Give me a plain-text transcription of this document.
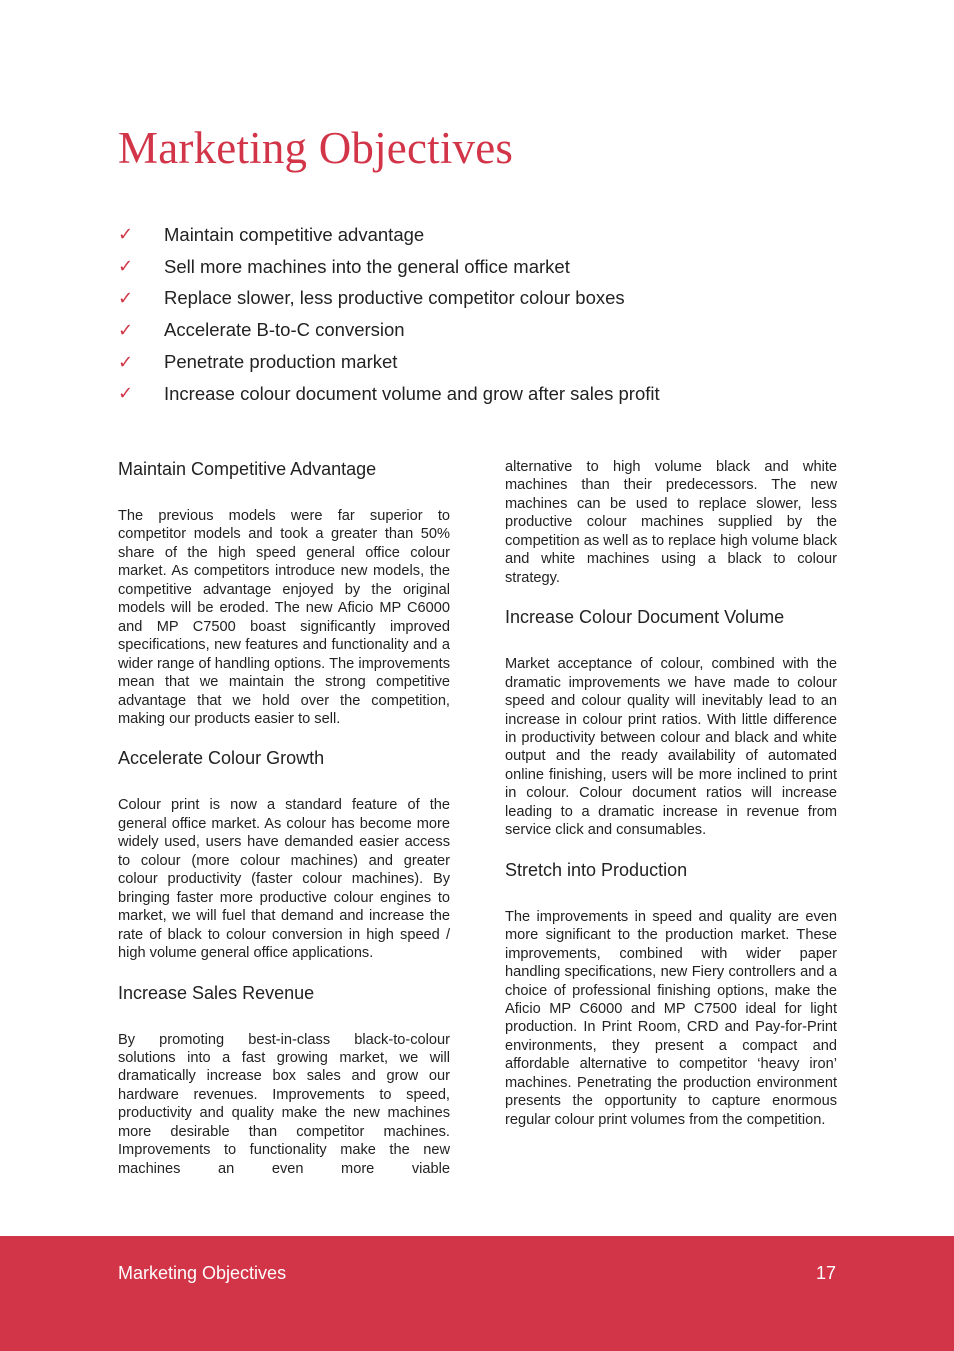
Marketing Objectives
✓	Maintain competitive advantage
✓	Sell more machines into the general office market
✓	Replace slower, less productive competitor colour boxes
✓	Accelerate B-to-C conversion
✓	Penetrate production market
✓	Increase colour document volume and grow after sales profit
Maintain Competitive Advantage

The previous models were far superior to competitor models and took a greater than 50% share of the high speed general office colour market. As competitors introduce new models, the competitive advantage enjoyed by the original models will be eroded. The new Aficio MP C6000 and MP C7500 boast significantly improved specifications, new features and functionality and a wider range of handling options. The improvements mean that we maintain the strong competitive advantage that we hold over the competition, making our products easier to sell.

Accelerate Colour Growth

Colour print is now a standard feature of the general office market. As colour has become more widely used, users have demanded easier access to colour (more colour machines) and greater colour productivity (faster colour machines). By bringing faster more productive colour engines to market, we will fuel that demand and increase the rate of black to colour conversion in high speed / high volume general office applications.

Increase Sales Revenue

By promoting best-in-class black-to-colour solutions into a fast growing market, we will dramatically increase box sales and grow our hardware revenues. Improvements to speed, productivity and quality make the new machines more desirable than competitor machines. Improvements to functionality make the new machines an even more viable

alternative to high volume black and white machines than their predecessors. The new machines can be used to replace slower, less productive colour machines supplied by the competition as well as to replace high volume black and white machines using a black to colour strategy.

Increase Colour Document Volume

Market acceptance of colour, combined with the dramatic improvements we have made to colour speed and colour quality will inevitably lead to an increase in colour print ratios. With little difference in productivity between colour and black and white output and the ready availability of automated online finishing, users will be more inclined to print in colour. Colour document ratios will increase leading to a dramatic increase in revenue from service click and consumables.

Stretch into Production

The improvements in speed and quality are even more significant to the production market. These improvements, combined with wider paper handling specifications, new Fiery controllers and a choice of professional finishing options, make the Aficio MP C6000 and MP C7500 ideal for light production. In Print Room, CRD and Pay-for-Print environments, they present a compact and affordable alternative to competitor ‘heavy iron’ machines. Penetrating the production environment presents the opportunity to capture enormous regular colour print volumes from the competition.

Marketing Objectives	17
